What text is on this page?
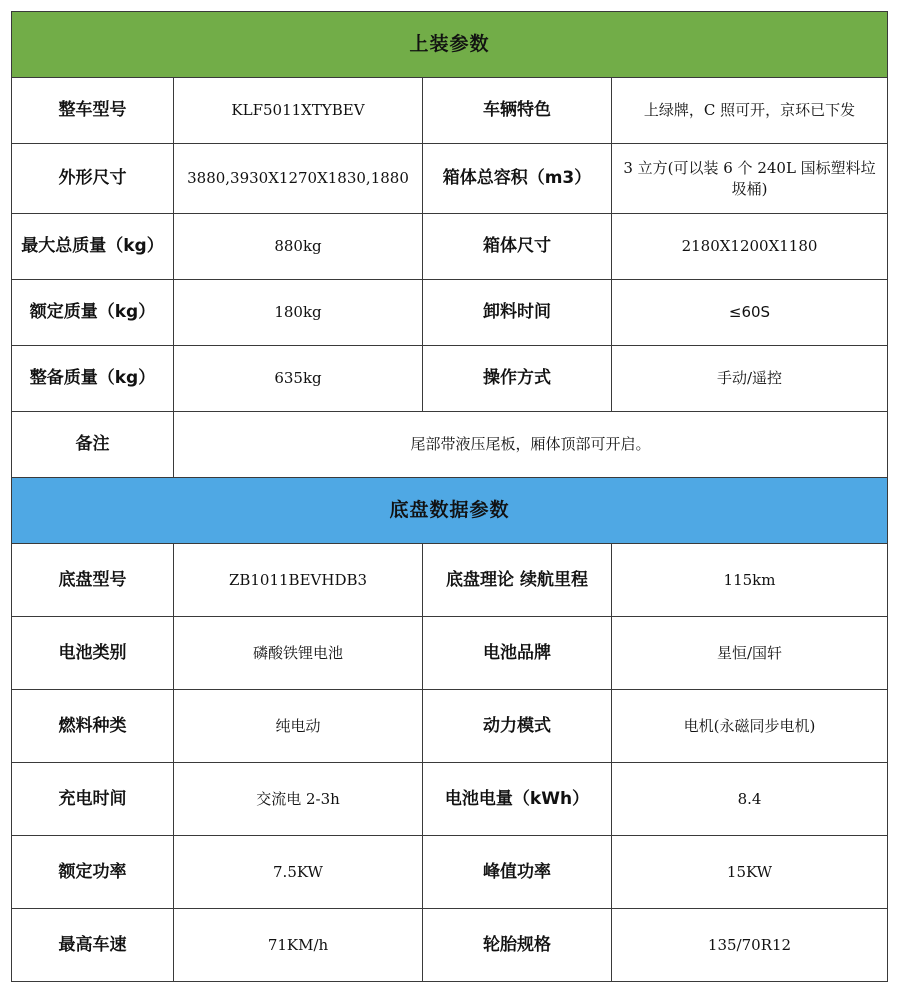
上装参数			
整车型号	KLF5011XTYBEV	车辆特色	上绿牌，C 照可开，京环已下发
外形尺寸	3880,3930X1270X1830,1880	箱体总容积（m3）	3 立方(可以装 6 个 240L 国标塑料垃圾桶)
最大总质量（kg）	880kg	箱体尺寸	2180X1200X1180
额定质量（kg）	180kg	卸料时间	≤60S
整备质量（kg）	635kg	操作方式	手动/遥控
备注	尾部带液压尾板，厢体顶部可开启。		
底盘数据参数			
底盘型号	ZB1011BEVHDB3	底盘理论 续航里程	115km
电池类别	磷酸铁锂电池	电池品牌	星恒/国轩
燃料种类	纯电动	动力模式	电机(永磁同步电机)
充电时间	交流电 2-3h	电池电量（kWh）	8.4
额定功率	7.5KW	峰值功率	15KW
最高车速	71KM/h	轮胎规格	135/70R12
